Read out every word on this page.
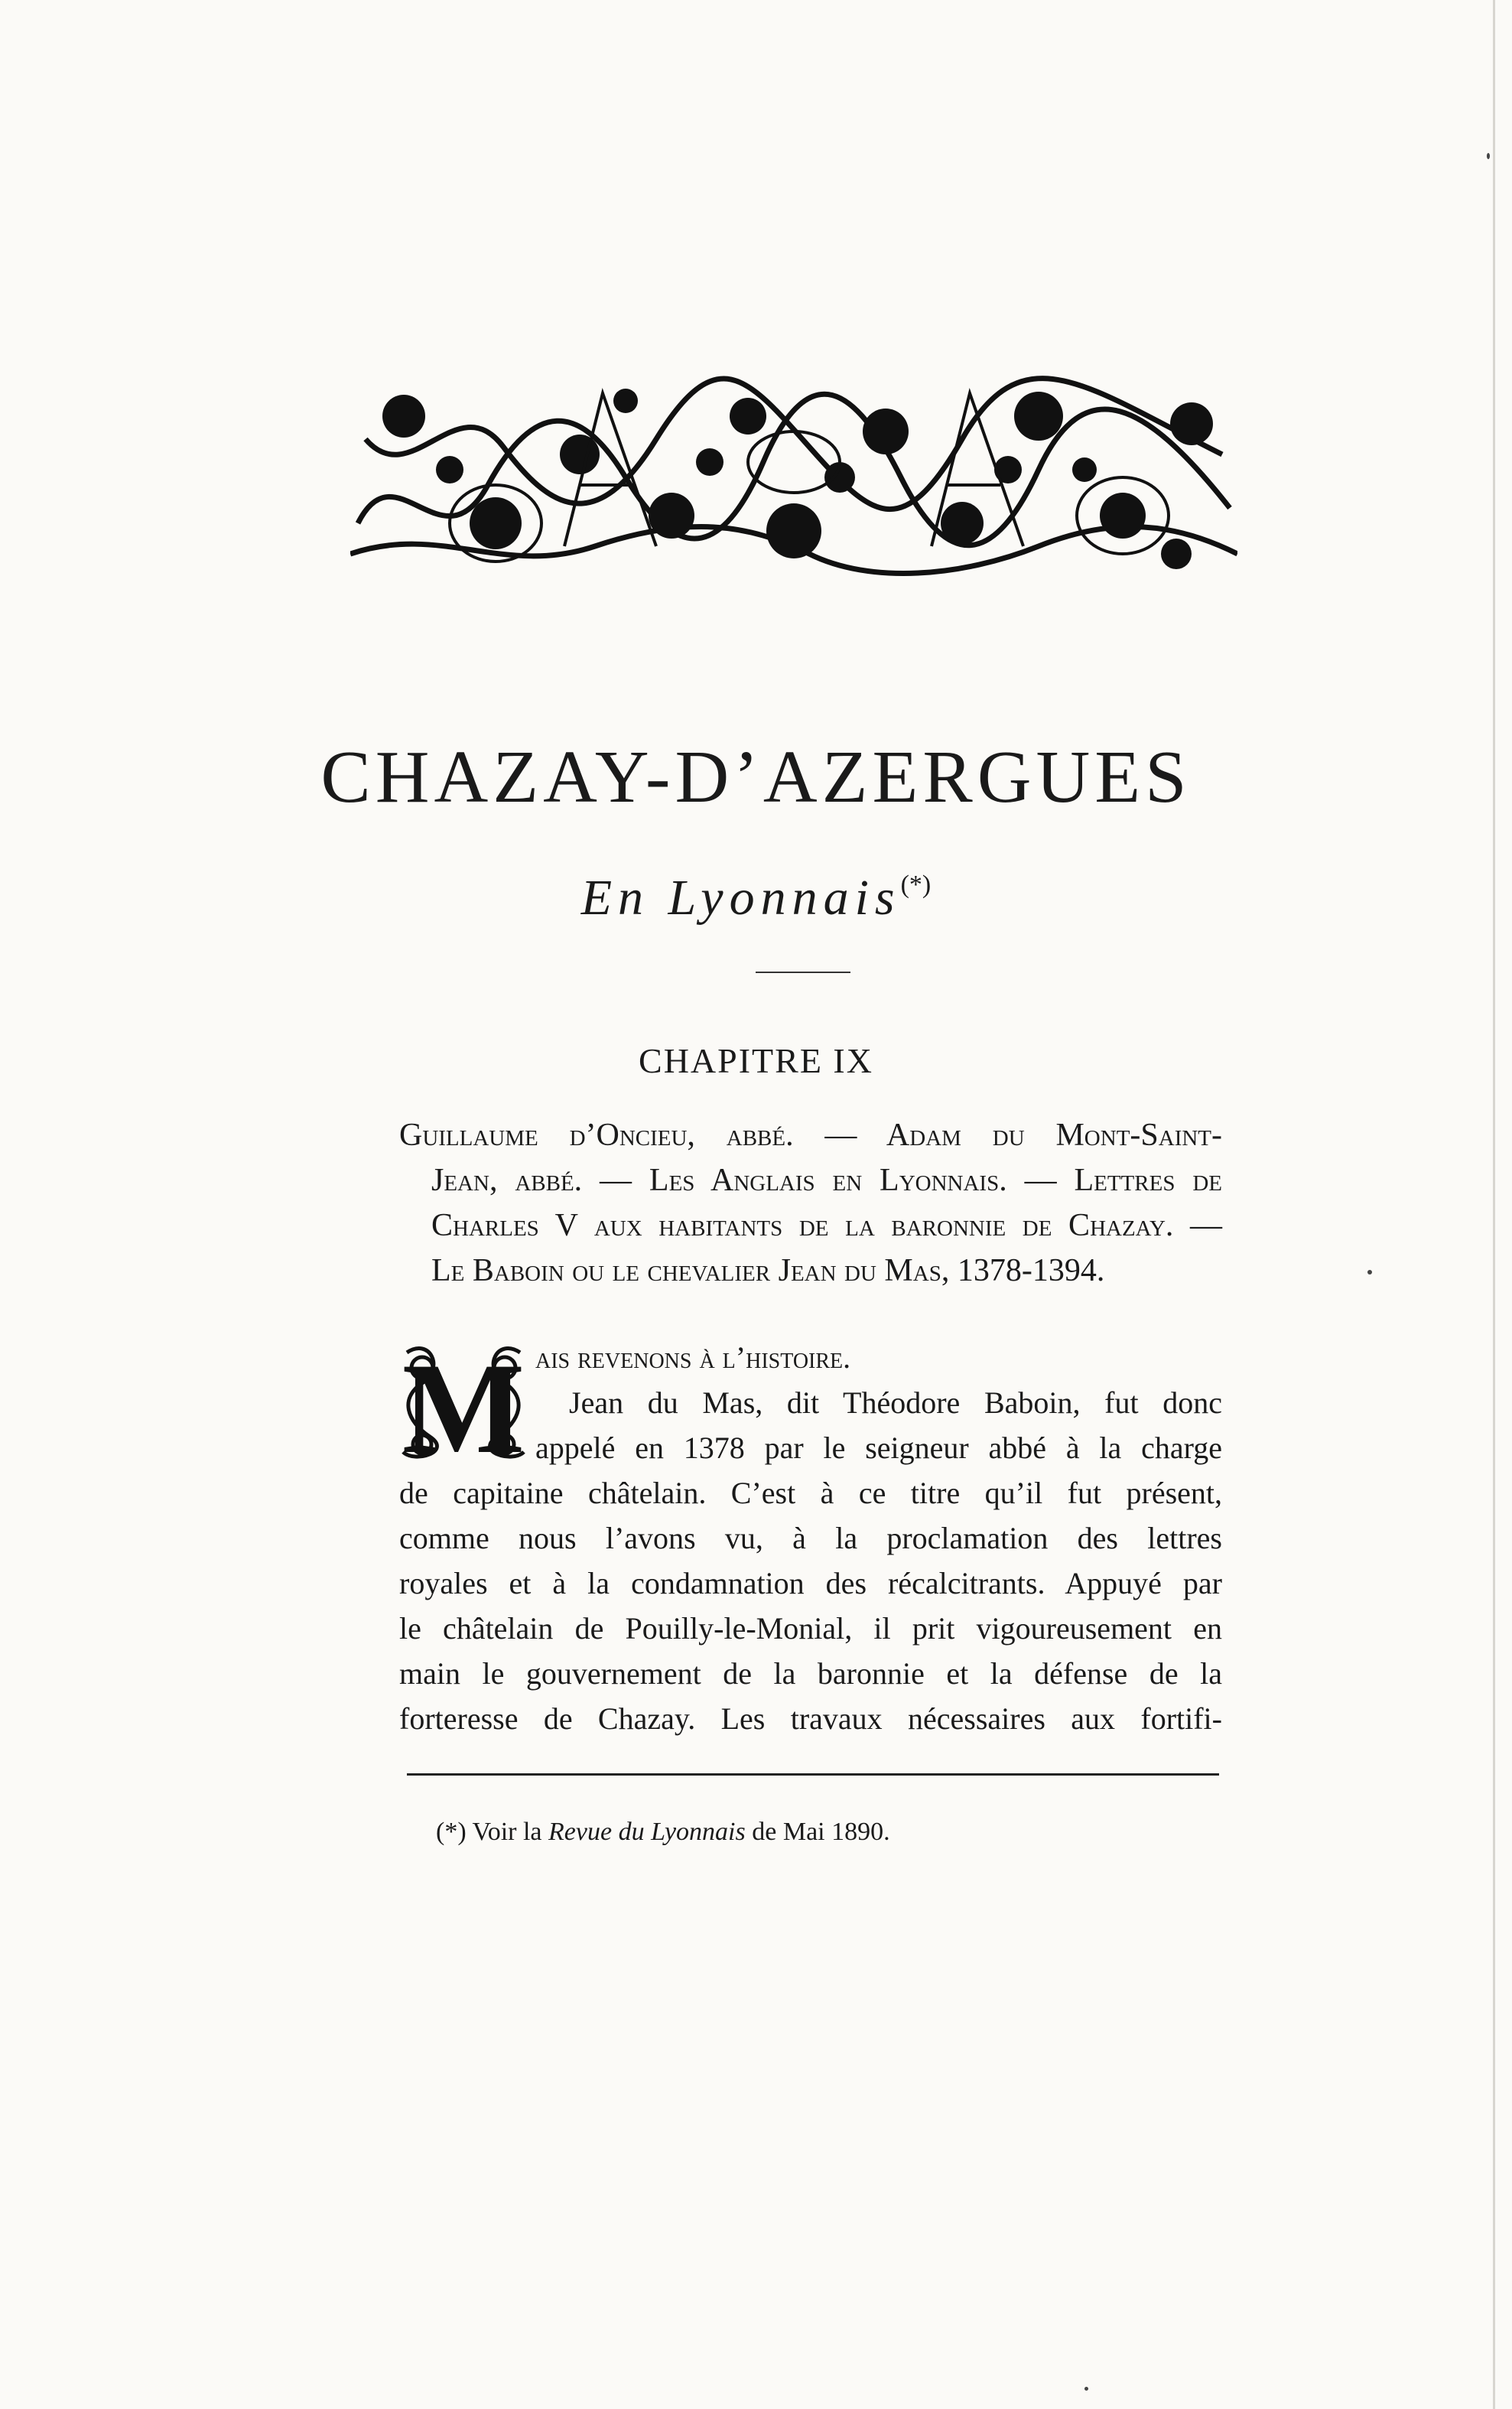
CHAZAY-D’AZERGUES
En Lyonnais(*)
CHAPITRE IX
Guillaume d’Oncieu, abbé. — Adam du Mont-Saint-
Jean, abbé. — Les Anglais en Lyonnais. — Lettres de
Charles V aux habitants de la baronnie de Chazay. —
Le Baboin ou le chevalier Jean du Mas, 1378-1394.
M ais revenons à l’histoire.
Jean du Mas, dit Théodore Baboin, fut donc
appelé en 1378 par le seigneur abbé à la charge
de capitaine châtelain. C’est à ce titre qu’il fut présent,
comme nous l’avons vu, à la proclamation des lettres
royales et à la condamnation des récalcitrants. Appuyé par
le châtelain de Pouilly-le-Monial, il prit vigoureusement en
main le gouvernement de la baronnie et la défense de la
forteresse de Chazay. Les travaux nécessaires aux fortifi-
(*) Voir la Revue du Lyonnais de Mai 1890.
